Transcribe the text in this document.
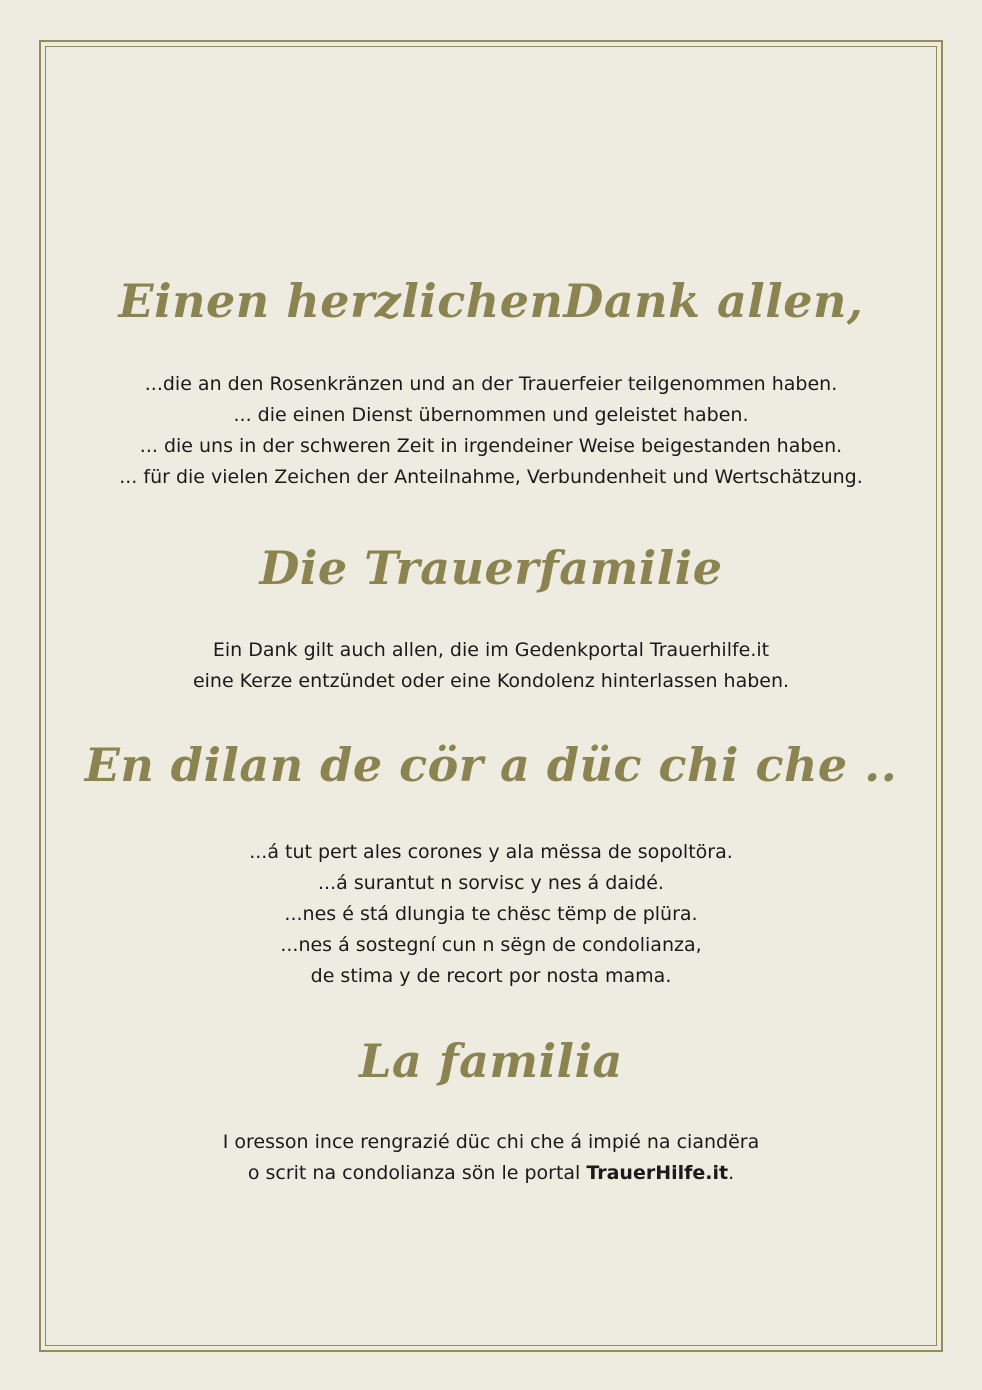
Einen herzlichenDank allen,
...die an den Rosenkränzen und an der Trauerfeier teilgenommen haben.
... die einen Dienst übernommen und geleistet haben.
... die uns in der schweren Zeit in irgendeiner Weise beigestanden haben.
... für die vielen Zeichen der Anteilnahme, Verbundenheit und Wertschätzung.
Die Trauerfamilie
Ein Dank gilt auch allen, die im Gedenkportal Trauerhilfe.it
eine Kerze entzündet oder eine Kondolenz hinterlassen haben.
En dilan de cör a düc chi che ..
...á tut pert ales corones y ala mëssa de sopoltöra.
...á surantut n sorvisc y nes á daidé.
...nes é stá dlungia te chësc tëmp de plüra.
...nes á sostegní cun n sëgn de condolianza,
de stima y de recort por nosta mama.
La familia
I oresson ince rengrazié düc chi che á impié na ciandëra
o scrit na condolianza sön le portal TrauerHilfe.it.
